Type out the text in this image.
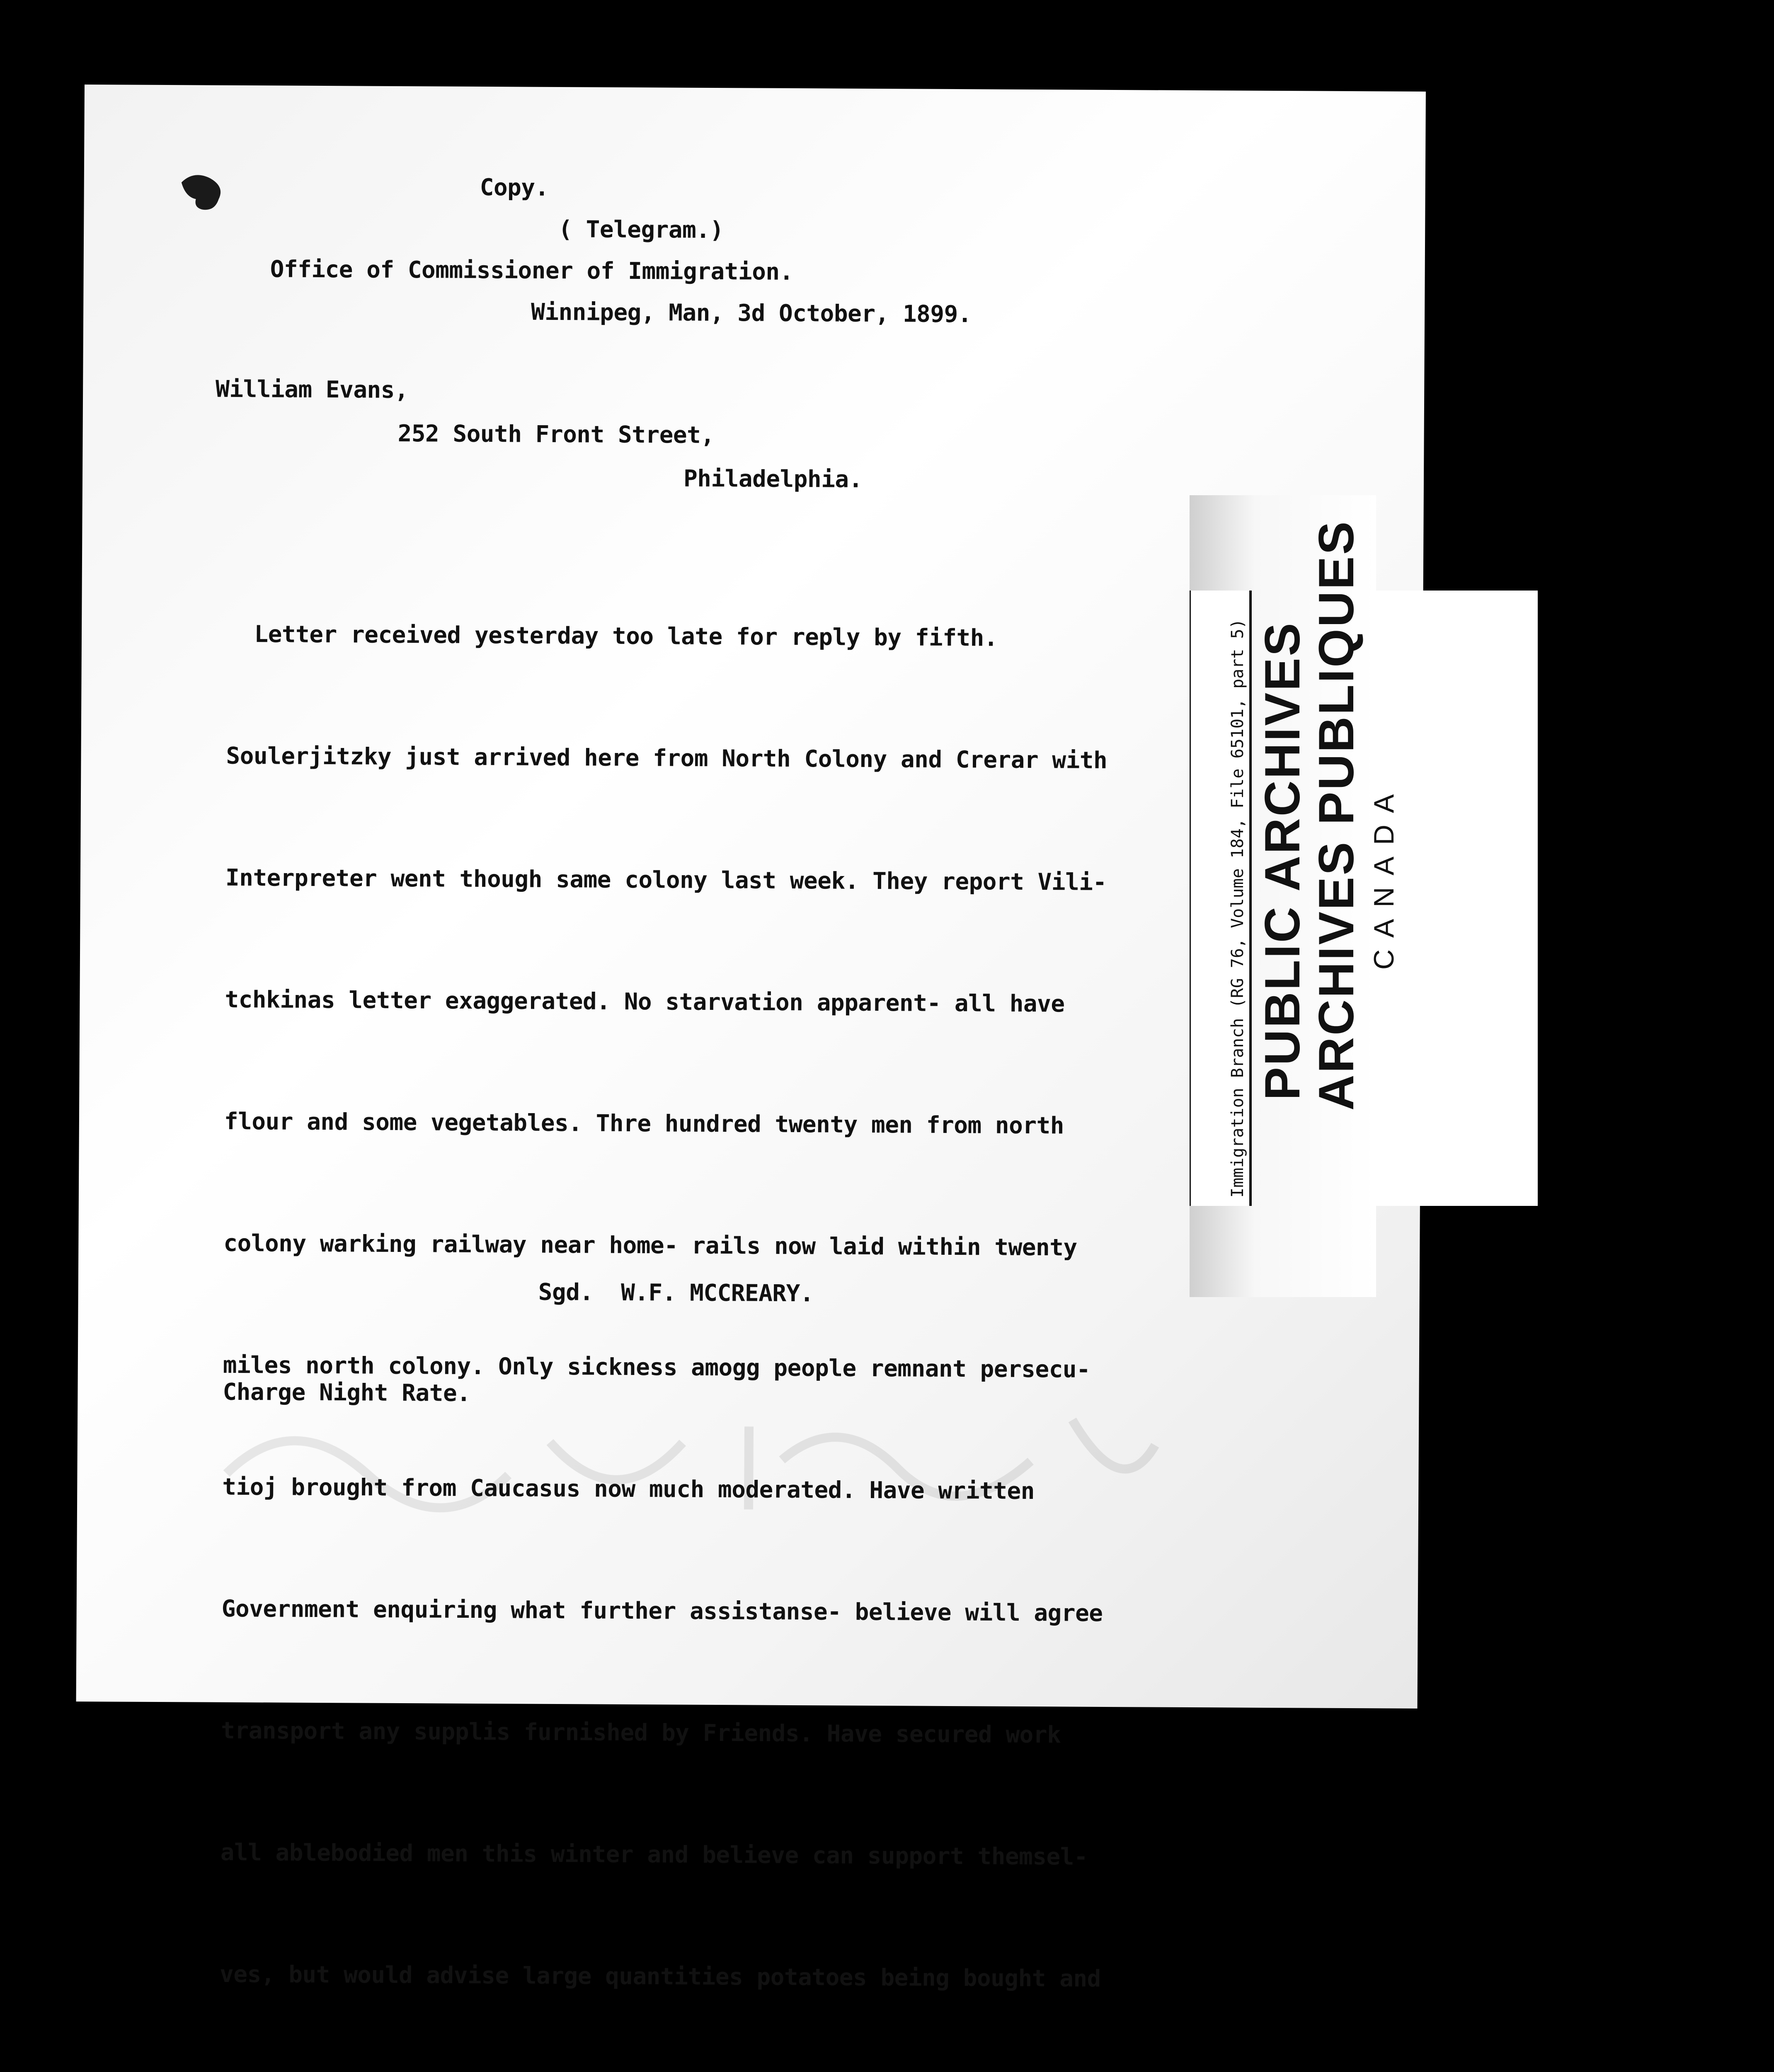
Copy.

( Telegram.)

Office of Commissioner of Immigration.

Winnipeg, Man, 3d October, 1899.

William Evans,

252 South Front Street,

Philadelphia.

Letter received yesterday too late for reply by fifth.

Soulerjitzky just arrived here from North Colony and Crerar with

Interpreter went though same colony last week. They report Vili-

tchkinas letter exaggerated. No starvation apparent- all have

flour and some vegetables. Thre hundred twenty men from north

colony warking railway near home- rails now laid within twenty

miles north colony. Only sickness amogg people remnant persecu-

tioj brought from Caucasus now much moderated. Have written

Government enquiring what further assistanse- believe will agree

transport any supplis furnished by Friends. Have secured work

all ablebodied men this winter and believe can support themsel-

ves, but would advise large quantities potatoes being bought and

Sgd.  W.F. MCCREARY.

Charge Night Rate.

Immigration Branch (RG 76, Volume 184, File 65101, part 5) PUBLIC ARCHIVES
ARCHIVES PUBLIQUES CANADA
